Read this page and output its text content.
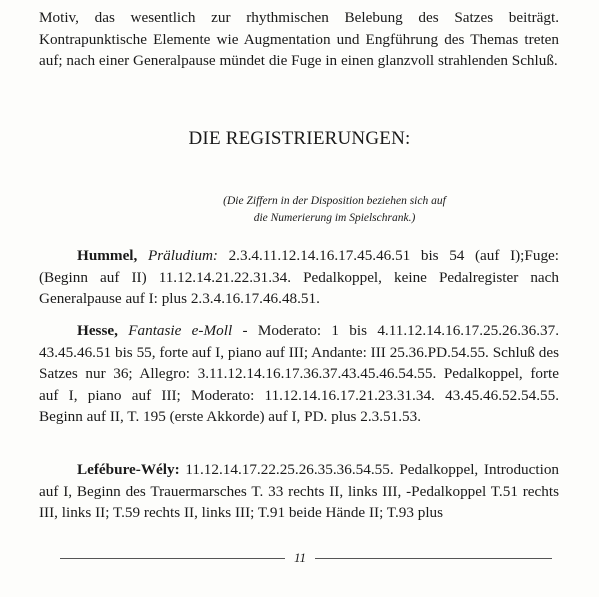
Motiv, das wesentlich zur rhythmischen Belebung des Satzes beiträgt. Kontrapunktische Elemente wie Augmentation und Engführung des Themas treten auf; nach einer Generalpause mündet die Fuge in einen glanzvoll strahlenden Schluß.

DIE REGISTRIERUNGEN:
(Die Ziffern in der Disposition beziehen sich auf
die Numerierung im Spielschrank.)

Hummel, Präludium: 2.3.4.11.12.14.16.17.45.46.51 bis 54 (auf I);Fuge: (Beginn auf II) 11.12.14.21.22.31.34. Pedalkoppel, keine Pedalregister nach Generalpause auf I: plus 2.3.4.16.17.46.48.51.

Hesse, Fantasie e-Moll - Moderato: 1 bis 4.11.12.14.16.17.25.26.36.37. 43.45.46.51 bis 55, forte auf I, piano auf III; Andante: III 25.36.PD.54.55. Schluß des Satzes nur 36; Allegro: 3.11.12.14.16.17.36.37.43.45.46.54.55. Pedalkoppel, forte auf I, piano auf III; Moderato: 11.12.14.16.17.21.23.31.34. 43.45.46.52.54.55. Beginn auf II, T. 195 (erste Akkorde) auf I, PD. plus 2.3.51.53.

Lefébure-Wély: 11.12.14.17.22.25.26.35.36.54.55. Pedalkoppel, Introduction auf I, Beginn des Trauermarsches T. 33 rechts II, links III, -Pedalkoppel T.51 rechts III, links II; T.59 rechts II, links III; T.91 beide Hände II; T.93 plus

11
